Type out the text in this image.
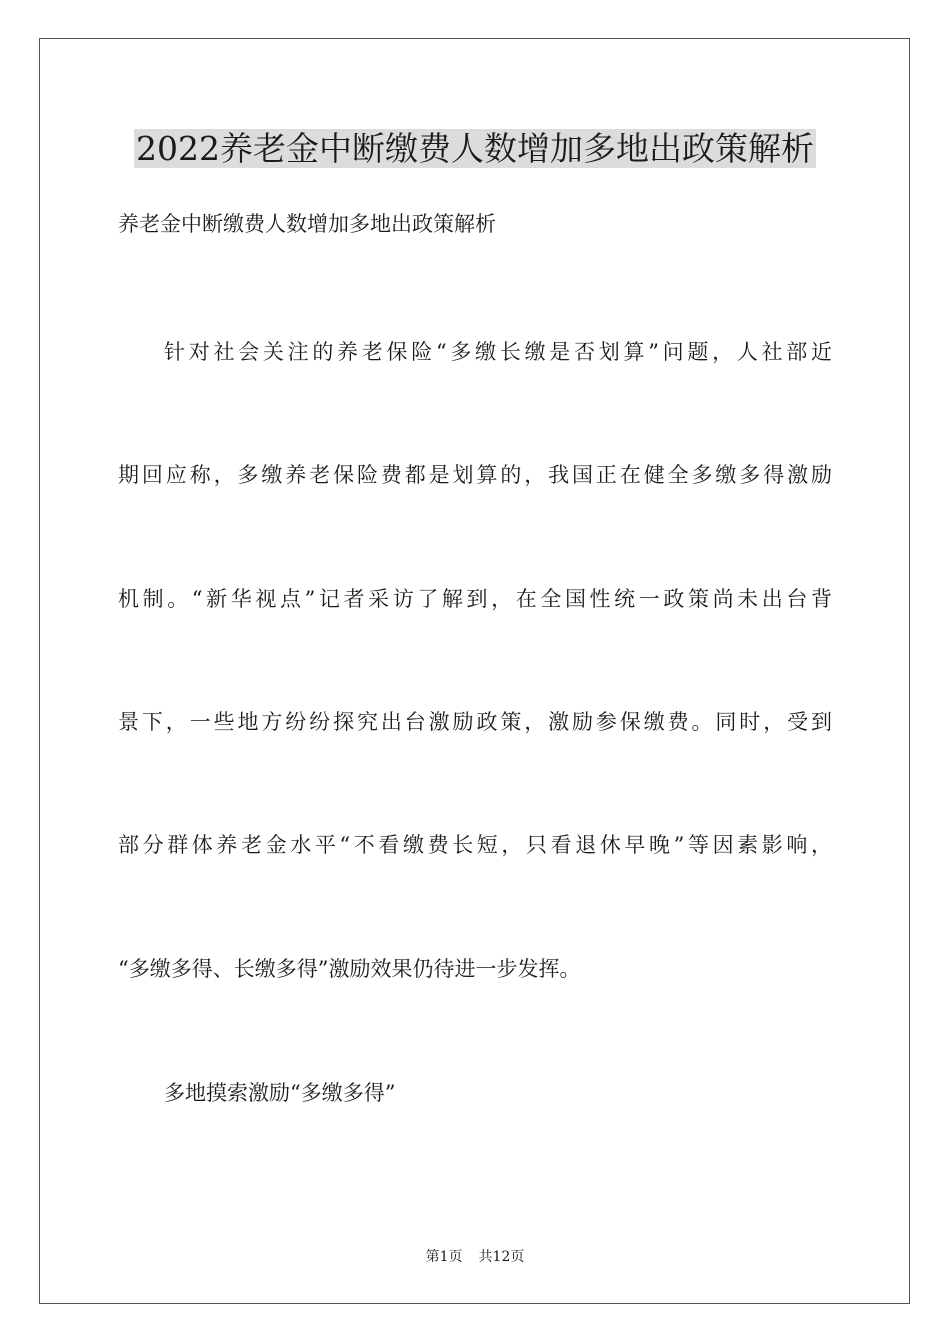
2022养老金中断缴费人数增加多地出政策解析
养老金中断缴费人数增加多地出政策解析
针对社会关注的养老保险“多缴长缴是否划算”问题，人社部近
期回应称，多缴养老保险费都是划算的，我国正在健全多缴多得激励
机制。“新华视点”记者采访了解到，在全国性统一政策尚未出台背
景下，一些地方纷纷探究出台激励政策，激励参保缴费。同时，受到
部分群体养老金水平“不看缴费长短，只看退休早晚”等因素影响，
“多缴多得、长缴多得”激励效果仍待进一步发挥。
多地摸索激励“多缴多得”
第1页 共12页
